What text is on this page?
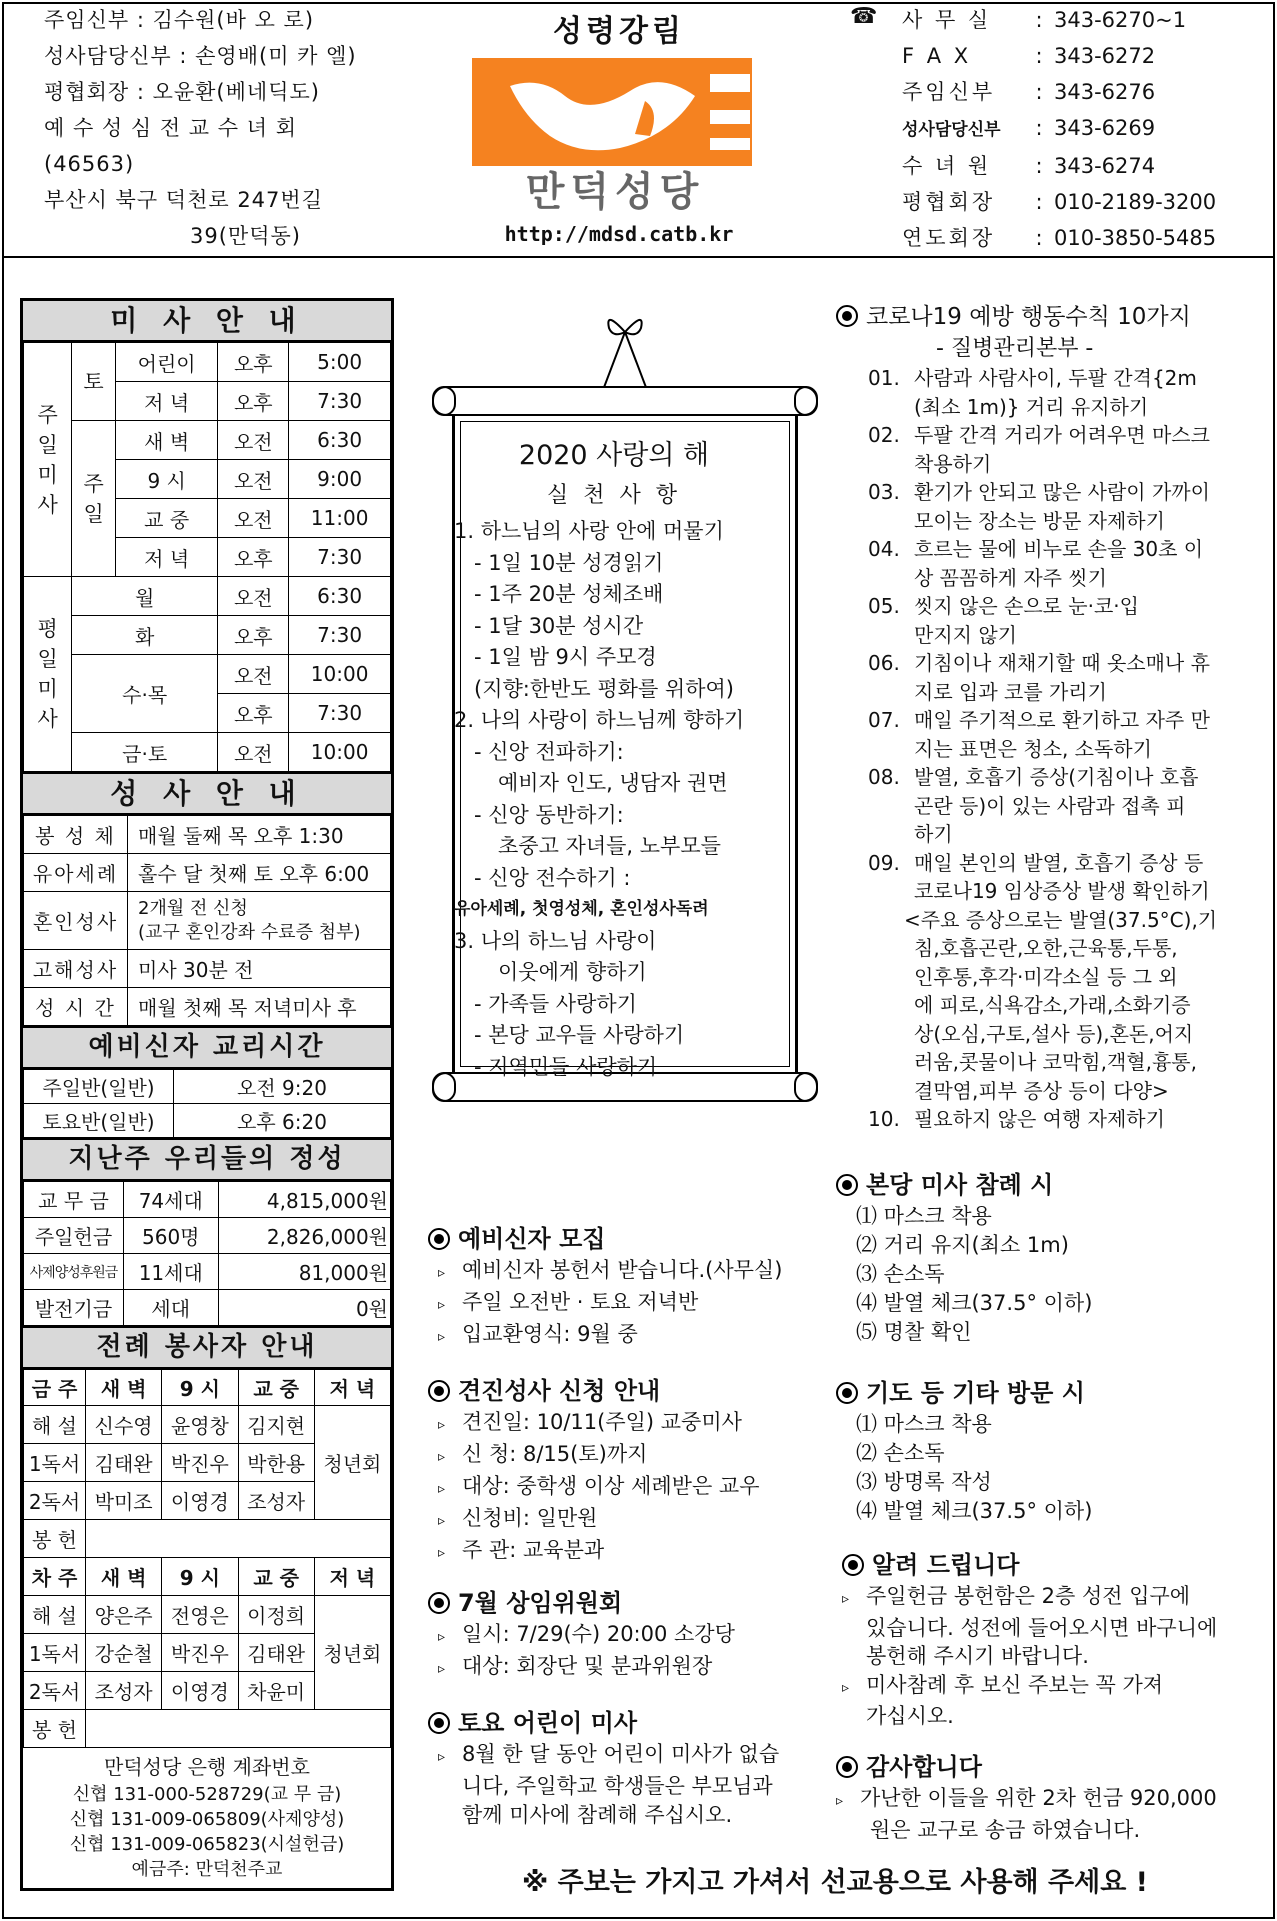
주임신부 : 김수원(바 오 로)
성사담당신부 : 손영배(미 카 엘)
평협회장 : 오윤환(베네딕도)
예 수 성 심 전 교 수 녀 회
(46563)
부산시 북구 덕천로 247번길
39(만덕동)
성령강림
만덕성당
http://mdsd.catb.kr
☎ 사 무 실 : 343-6270~1
F A X	: 343-6272
주임신부 : 343-6276
성사담당신부 : 343-6269
수 녀 원 : 343-6274
평협회장 : 010-2189-3200
연도회장 : 010-3850-5485
미 사 안 내
주일미사	토	어린이	오후	5:00
		저 녁	오후	7:30

	주일	새 벽	오전	6:30
		9 시	오전	9:00
		교 중	오전	11:00
		저 녁	오후	7:30

평일미사	월		오전	6:30
	화		오후	7:30
	수·목		오전	10:00
			오후	7:30
	금·토		오전	10:00
성 사 안 내
봉 성 체	매월 둘째 목 오후 1:30
유아세례	홀수 달 첫째 토 오후 6:00
혼인성사	2개월 전 신청
(교구 혼인강좌 수료증 첨부)

고해성사	미사 30분 전
성 시 간	매월 첫째 목 저녁미사 후
예비신자 교리시간
주일반(일반)	오전 9:20
토요반(일반)	오후 6:20
지난주 우리들의 정성
교 무 금	74세대	4,815,000원
주일헌금	560명	2,826,000원
사제양성후원금	11세대	81,000원
발전기금	세대	0원
전례 봉사자 안내
금 주	새 벽	9 시	교 중	저 녁
해 설	신수영	윤영창	김지현	청년회
1독서	김태완	박진우	박한용	
2독서	박미조	이영경	조성자	
봉 헌				
차 주	새 벽	9 시	교 중	저 녁
해 설	양은주	전영은	이정희	청년회
1독서	강순철	박진우	김태완	
2독서	조성자	이영경	차윤미	
봉 헌				
만덕성당 은행 계좌번호
신협 131-000-528729(교 무 금)
신협 131-009-065809(사제양성)
신협 131-009-065823(시설헌금)
예금주: 만덕천주교
2020 사랑의 해
실 천 사 항
1. 하느님의 사랑 안에 머물기
- 1일 10분 성경읽기
- 1주 20분 성체조배
- 1달 30분 성시간
- 1일 밤 9시 주모경
(지향:한반도 평화를 위하여)
2. 나의 사랑이 하느님께 향하기
- 신앙 전파하기:
예비자 인도, 냉담자 권면
- 신앙 동반하기:
초중고 자녀들, 노부모들
- 신앙 전수하기 :
유아세례, 첫영성체, 혼인성사독려
3. 나의 하느님 사랑이
이웃에게 향하기
- 가족들 사랑하기
- 본당 교우들 사랑하기
- 지역민들 사랑하기
코로나19 예방 행동수칙 10가지
- 질병관리본부 -
01. 사람과 사람사이, 두팔 간격{2m
(최소 1m)} 거리 유지하기
02. 두팔 간격 거리가 어려우면 마스크
착용하기
03. 환기가 안되고 많은 사람이 가까이
모이는 장소는 방문 자제하기
04. 흐르는 물에 비누로 손을 30초 이
상 꼼꼼하게 자주 씻기
05. 씻지 않은 손으로 눈·코·입
만지지 않기
06. 기침이나 재채기할 때 옷소매나 휴
지로 입과 코를 가리기
07. 매일 주기적으로 환기하고 자주 만
지는 표면은 청소, 소독하기
08. 발열, 호흡기 증상(기침이나 호흡
곤란 등)이 있는 사람과 접촉 피
하기
09. 매일 본인의 발열, 호흡기 증상 등
코로나19 임상증상 발생 확인하기
<주요 증상으로는 발열(37.5°C),기
침,호흡곤란,오한,근육통,두통,
인후통,후각·미각소실 등 그 외
에 피로,식욕감소,가래,소화기증
상(오심,구토,설사 등),혼돈,어지
러움,콧물이나 코막힘,객혈,흉통,
결막염,피부 증상 등이 다양>
10. 필요하지 않은 여행 자제하기
본당 미사 참례 시
⑴ 마스크 착용
⑵ 거리 유지(최소 1m)
⑶ 손소독
⑷ 발열 체크(37.5° 이하)
⑸ 명찰 확인
기도 등 기타 방문 시
⑴ 마스크 착용
⑵ 손소독
⑶ 방명록 작성
⑷ 발열 체크(37.5° 이하)
알려 드립니다
▹ 주일헌금 봉헌함은 2층 성전 입구에
있습니다. 성전에 들어오시면 바구니에
봉헌해 주시기 바랍니다.
▹ 미사참례 후 보신 주보는 꼭 가져
가십시오.
감사합니다
▹ 가난한 이들을 위한 2차 헌금 920,000
원은 교구로 송금 하였습니다.
예비신자 모집
▹ 예비신자 봉헌서 받습니다.(사무실)
▹ 주일 오전반 · 토요 저녁반
▹ 입교환영식: 9월 중
견진성사 신청 안내
▹ 견진일: 10/11(주일) 교중미사
▹ 신 청: 8/15(토)까지
▹ 대상: 중학생 이상 세례받은 교우
▹ 신청비: 일만원
▹ 주 관: 교육분과
7월 상임위원회
▹ 일시: 7/29(수) 20:00 소강당
▹ 대상: 회장단 및 분과위원장
토요 어린이 미사
▹ 8월 한 달 동안 어린이 미사가 없습
니다, 주일학교 학생들은 부모님과
함께 미사에 참례해 주십시오.
※ 주보는 가지고 가셔서 선교용으로 사용해 주세요 !
